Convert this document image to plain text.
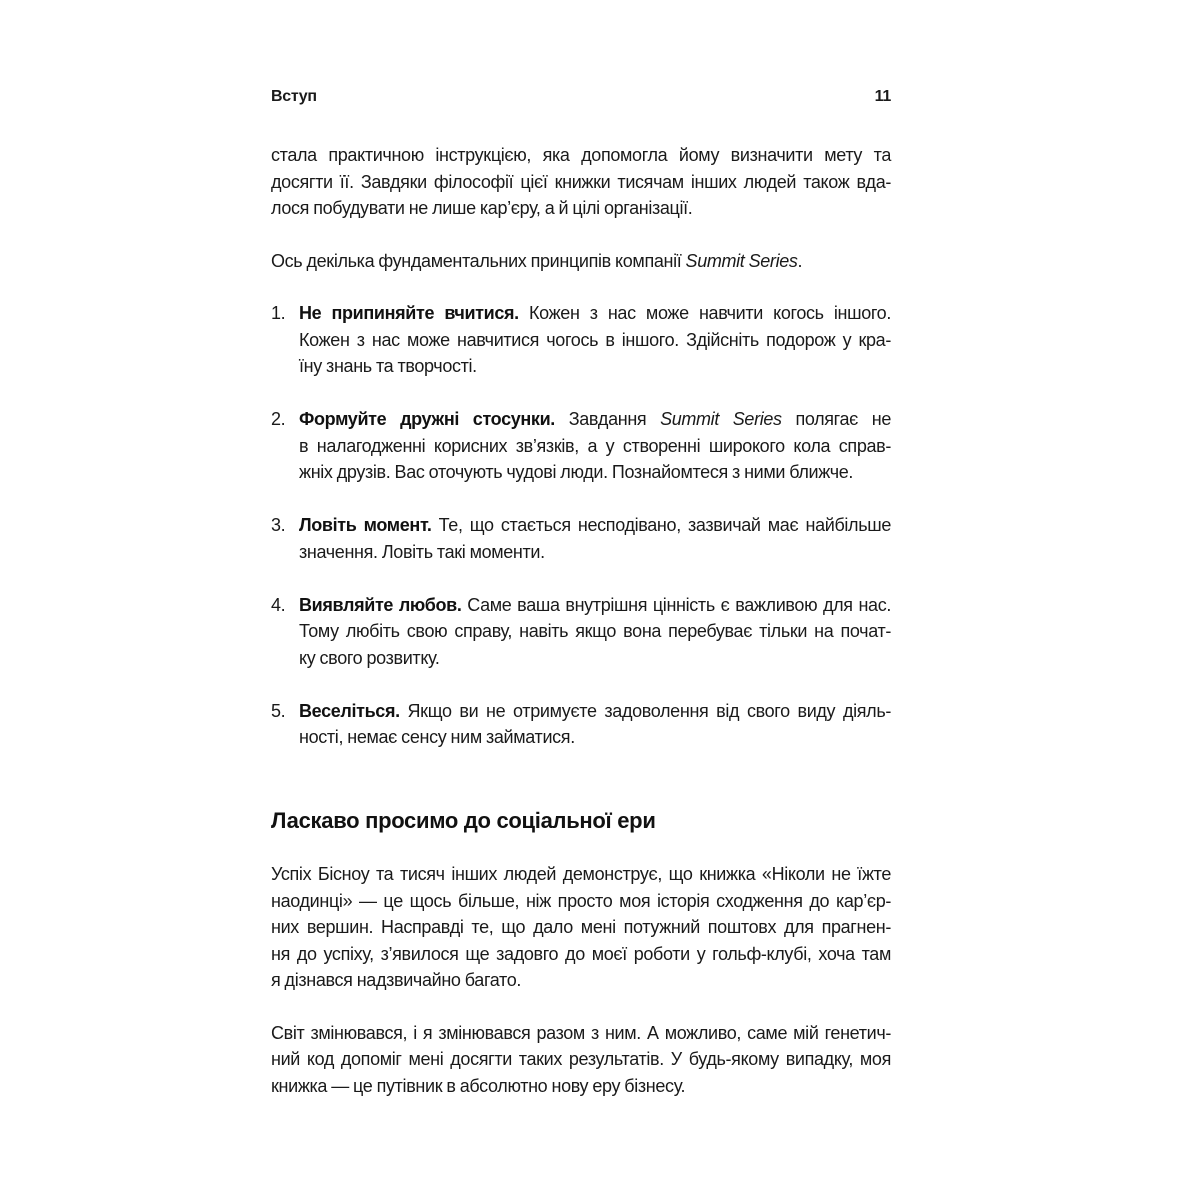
Вступ	11

стала практичною інструкцією, яка допомогла йому визначити мету та
досягти її. Завдяки філософії цієї книжки тисячам інших людей також вда-
лося побудувати не лише кар’єру, а й цілі організації.

Ось декілька фундаментальних принципів компанії Summit Series.

1. Не припиняйте вчитися. Кожен з нас може навчити когось іншого.
Кожен з нас може навчитися чогось в іншого. Здійсніть подорож у кра-
їну знань та творчості.
2. Формуйте дружні стосунки. Завдання Summit Series полягає не
в налагодженні корисних зв’язків, а у створенні широкого кола справ-
жніх друзів. Вас оточують чудові люди. Познайомтеся з ними ближче.
3. Ловіть момент. Те, що стається несподівано, зазвичай має найбільше
значення. Ловіть такі моменти.
4. Виявляйте любов. Саме ваша внутрішня цінність є важливою для нас.
Тому любіть свою справу, навіть якщо вона перебуває тільки на почат-
ку свого розвитку.
5. Веселіться. Якщо ви не отримуєте задоволення від свого виду діяль-
ності, немає сенсу ним займатися.
Ласкаво просимо до соціальної ери

Успіх Бісноу та тисяч інших людей демонструє, що книжка «Ніколи не їжте
наодинці» — це щось більше, ніж просто моя історія сходження до кар’єр-
них вершин. Насправді те, що дало мені потужний поштовх для прагнен-
ня до успіху, з’явилося ще задовго до моєї роботи у гольф-клубі, хоча там
я дізнався надзвичайно багато.

Світ змінювався, і я змінювався разом з ним. А можливо, саме мій генетич-
ний код допоміг мені досягти таких результатів. У будь-якому випадку, моя
книжка — це путівник в абсолютно нову еру бізнесу.
